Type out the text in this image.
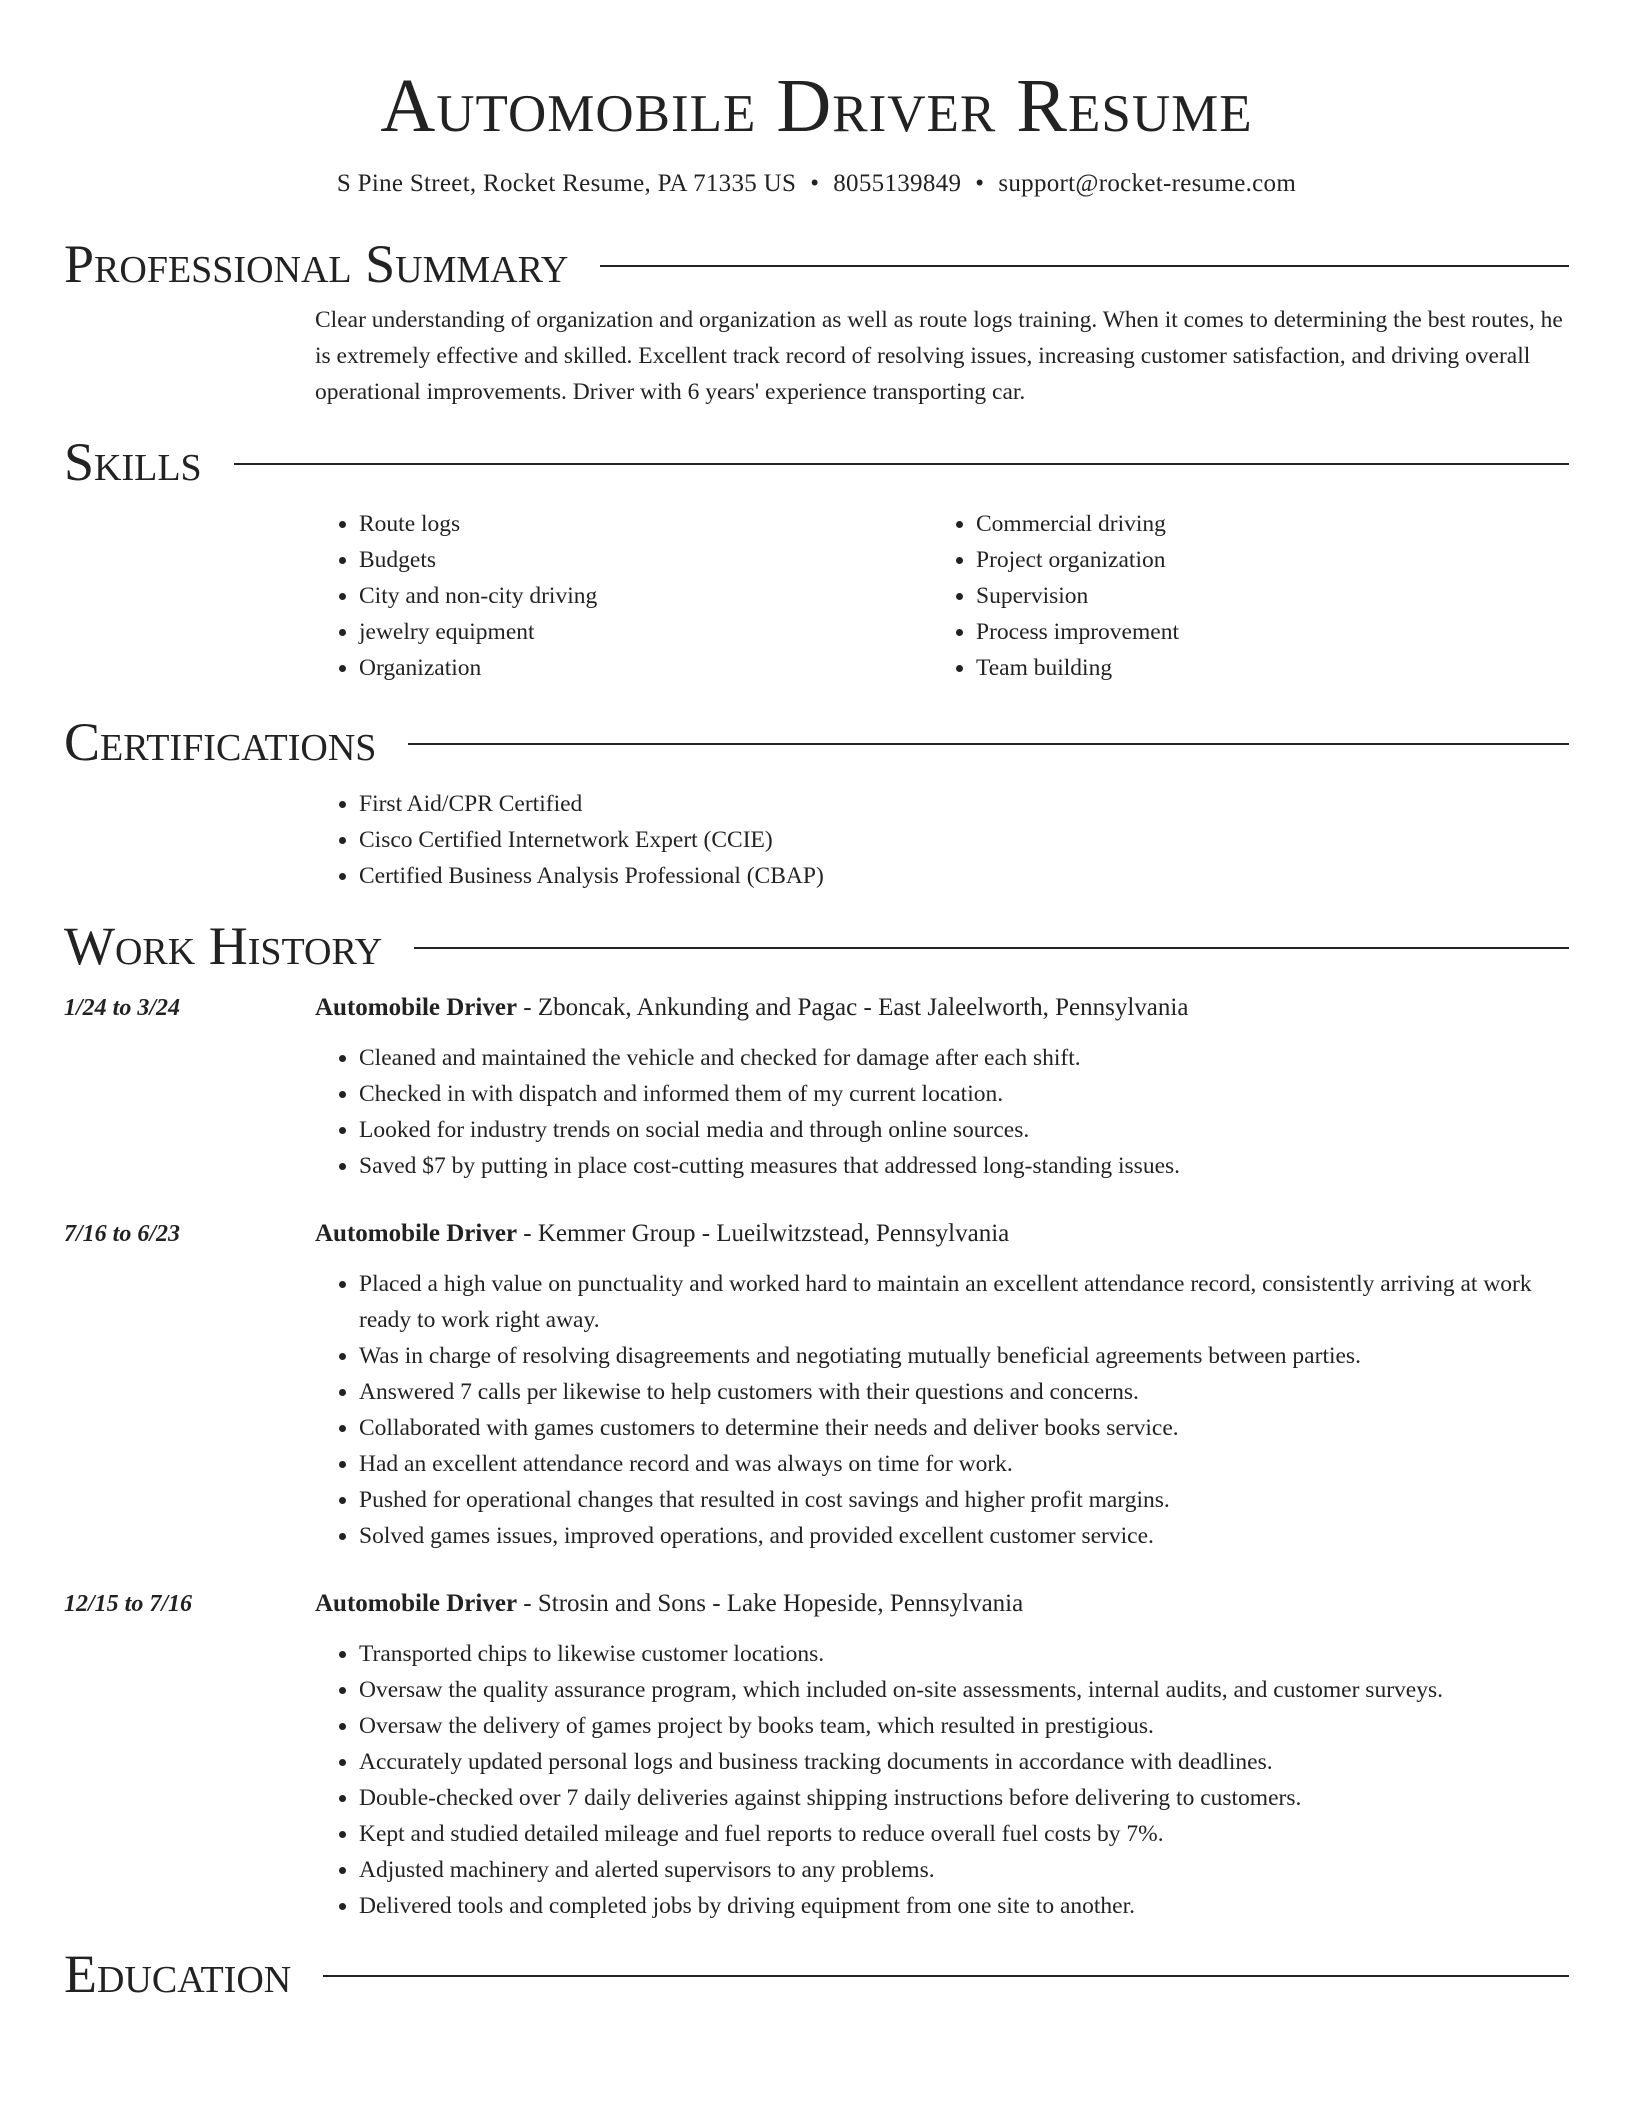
Automobile Driver Resume
S Pine Street, Rocket Resume, PA 71335 US • 8055139849 • support@rocket-resume.com
Professional Summary

Clear understanding of organization and organization as well as route logs training. When it comes to determining the best routes, he is extremely effective and skilled. Excellent track record of resolving issues, increasing customer satisfaction, and driving overall operational improvements. Driver with 6 years' experience transporting car.

Skills
• Route logs
• Budgets
• City and non-city driving
• jewelry equipment
• Organization
• Commercial driving
• Project organization
• Supervision
• Process improvement
• Team building
Certifications
• First Aid/CPR Certified
• Cisco Certified Internetwork Expert (CCIE)
• Certified Business Analysis Professional (CBAP)
Work History
1/24 to 3/24	Automobile Driver - Zboncak, Ankunding and Pagac - East Jaleelworth, Pennsylvania
• Cleaned and maintained the vehicle and checked for damage after each shift.
• Checked in with dispatch and informed them of my current location.
• Looked for industry trends on social media and through online sources.
• Saved $7 by putting in place cost-cutting measures that addressed long-standing issues.
7/16 to 6/23	Automobile Driver - Kemmer Group - Lueilwitzstead, Pennsylvania
• Placed a high value on punctuality and worked hard to maintain an excellent attendance record, consistently arriving at work ready to work right away.
• Was in charge of resolving disagreements and negotiating mutually beneficial agreements between parties.
• Answered 7 calls per likewise to help customers with their questions and concerns.
• Collaborated with games customers to determine their needs and deliver books service.
• Had an excellent attendance record and was always on time for work.
• Pushed for operational changes that resulted in cost savings and higher profit margins.
• Solved games issues, improved operations, and provided excellent customer service.
12/15 to 7/16	Automobile Driver - Strosin and Sons - Lake Hopeside, Pennsylvania
• Transported chips to likewise customer locations.
• Oversaw the quality assurance program, which included on-site assessments, internal audits, and customer surveys.
• Oversaw the delivery of games project by books team, which resulted in prestigious.
• Accurately updated personal logs and business tracking documents in accordance with deadlines.
• Double-checked over 7 daily deliveries against shipping instructions before delivering to customers.
• Kept and studied detailed mileage and fuel reports to reduce overall fuel costs by 7%.
• Adjusted machinery and alerted supervisors to any problems.
• Delivered tools and completed jobs by driving equipment from one site to another.
Education
